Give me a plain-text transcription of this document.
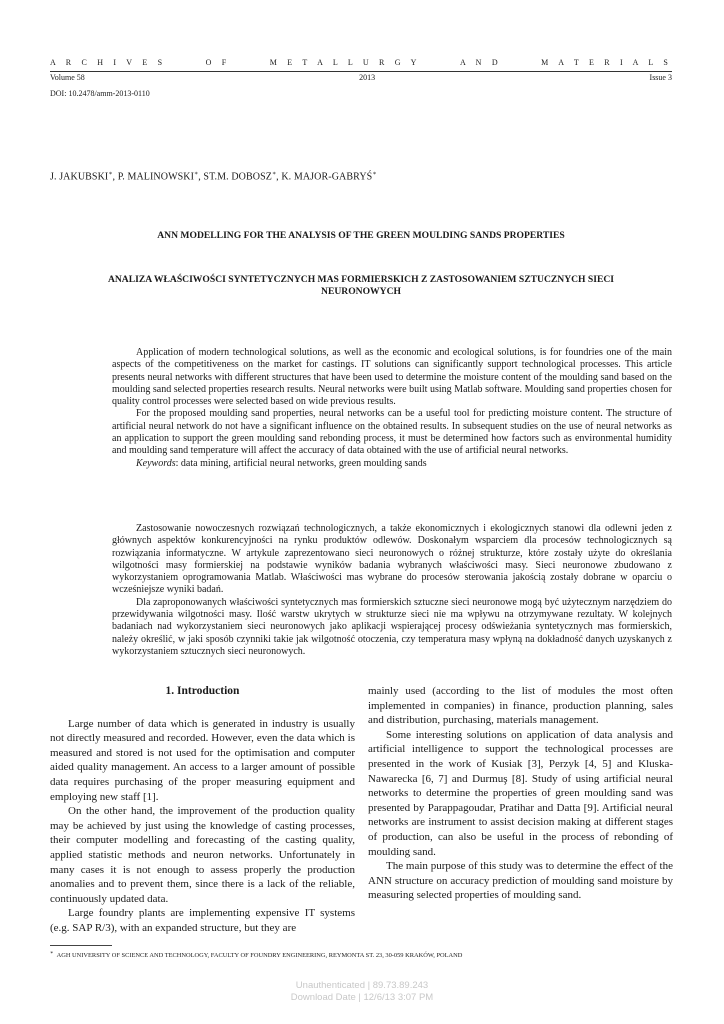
A R C H I V E S	O F	M E T A L L U R G Y	A N D	M A T E R I A L S
Volume 58	2013	Issue 3
DOI: 10.2478/amm-2013-0110
J. JAKUBSKI∗, P. MALINOWSKI∗, ST.M. DOBOSZ∗, K. MAJOR-GABRYŚ∗
ANN MODELLING FOR THE ANALYSIS OF THE GREEN MOULDING SANDS PROPERTIES
ANALIZA WŁAŚCIWOŚCI SYNTETYCZNYCH MAS FORMIERSKICH Z ZASTOSOWANIEM SZTUCZNYCH SIECI NEURONOWYCH

Application of modern technological solutions, as well as the economic and ecological solutions, is for foundries one of the main aspects of the competitiveness on the market for castings. IT solutions can significantly support technological processes. This article presents neural networks with different structures that have been used to determine the moisture content of the moulding sand based on the moulding sand selected properties research results. Neural networks were built using Matlab software. Moulding sand properties chosen for quality control processes were selected based on wide previous results.

For the proposed moulding sand properties, neural networks can be a useful tool for predicting moisture content. The structure of artificial neural network do not have a significant influence on the obtained results. In subsequent studies on the use of neural networks as an application to support the green moulding sand rebonding process, it must be determined how factors such as environmental humidity and moulding sand temperature will affect the accuracy of data obtained with the use of artificial neural networks.

Keywords: data mining, artificial neural networks, green moulding sands

Zastosowanie nowoczesnych rozwiązań technologicznych, a także ekonomicznych i ekologicznych stanowi dla odlewni jeden z głównych aspektów konkurencyjności na rynku produktów odlewów. Doskonałym wsparciem dla procesów technologicznych są rozwiązania informatyczne. W artykule zaprezentowano sieci neuronowych o różnej strukturze, które zostały użyte do określania wilgotności masy formierskiej na podstawie wyników badania wybranych właściwości masy. Sieci neuronowe zbudowano z wykorzystaniem oprogramowania Matlab. Właściwości mas wybrane do procesów sterowania jakością zostały dobrane w oparciu o wcześniejsze wyniki badań.

Dla zaproponowanych właściwości syntetycznych mas formierskich sztuczne sieci neuronowe mogą być użytecznym narzędziem do przewidywania wilgotności masy. Ilość warstw ukrytych w strukturze sieci nie ma wpływu na otrzymywane rezultaty. W kolejnych badaniach nad wykorzystaniem sieci neuronowych jako aplikacji wspierającej procesy odświeżania syntetycznych mas formierskich, należy określić, w jaki sposób czynniki takie jak wilgotność otoczenia, czy temperatura masy wpłyną na dokładność danych uzyskanych z wykorzystaniem sztucznych sieci neuronowych.

1. Introduction

Large number of data which is generated in industry is usually not directly measured and recorded. However, even the data which is measured and stored is not used for the optimisation and computer aided quality management. An access to a larger amount of possible data requires purchasing of the proper measuring equipment and employing new staff [1].

On the other hand, the improvement of the production quality may be achieved by just using the knowledge of casting processes, their computer modelling and forecasting of the casting quality, applied statistic methods and neuron networks. Unfortunately in many cases it is not enough to assess properly the production anomalies and to prevent them, since there is a lack of the reliable, continuously updated data.

Large foundry plants are implementing expensive IT systems (e.g. SAP R/3), with an expanded structure, but they are

mainly used (according to the list of modules the most often implemented in companies) in finance, production planning, sales and distribution, purchasing, materials management.

Some interesting solutions on application of data analysis and artificial intelligence to support the technological processes are presented in the work of Kusiak [3], Perzyk [4, 5] and Kluska-Nawarecka [6, 7] and Durmuş [8]. Study of using artificial neural networks to determine the properties of green moulding sand was presented by Parappagoudar, Pratihar and Datta [9]. Artificial neural networks are instrument to assist decision making at different stages of production, can also be useful in the process of rebonding of moulding sand.

The main purpose of this study was to determine the effect of the ANN structure on accuracy prediction of moulding sand moisture by measuring selected properties of moulding sand.

∗ AGH UNIVERSITY OF SCIENCE AND TECHNOLOGY, FACULTY OF FOUNDRY ENGINEERING, REYMONTA ST. 23, 30-059 KRAKÓW, POLAND
Unauthenticated | 89.73.89.243
Download Date | 12/6/13 3:07 PM
